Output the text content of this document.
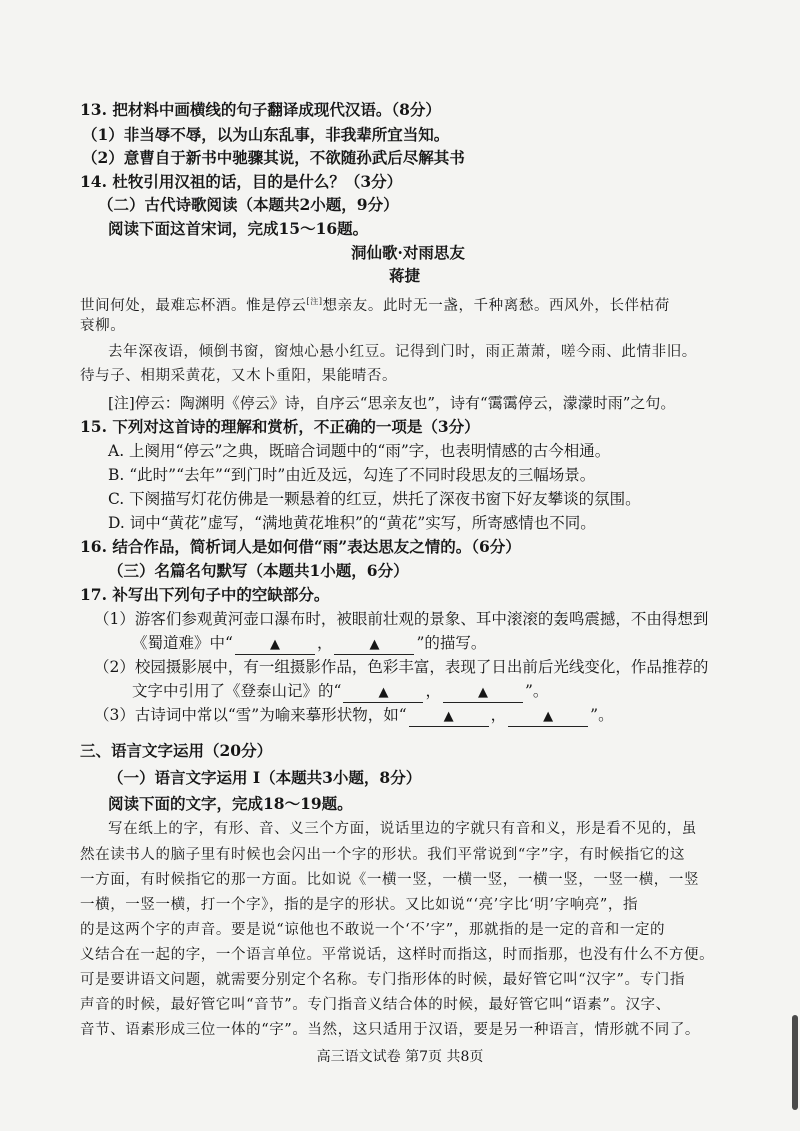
13. 把材料中画横线的句子翻译成现代汉语。（8分）
（1）非当辱不辱，以为山东乱事，非我辈所宜当知。
（2）意曹自于新书中驰骤其说，不欲随孙武后尽解其书
14. 杜牧引用汉祖的话，目的是什么？（3分）
（二）古代诗歌阅读（本题共2小题，9分）
阅读下面这首宋词，完成15～16题。
洞仙歌·对雨思友
蒋捷
世间何处，最难忘杯酒。惟是停云[注]想亲友。此时无一盏，千种离愁。西风外，长伴枯荷
衰柳。
去年深夜语，倾倒书窗，窗烛心悬小红豆。记得到门时，雨正萧萧，嗟今雨、此情非旧。
待与子、相期采黄花，又木卜重阳，果能晴否。
[注]停云：陶渊明《停云》诗，自序云“思亲友也”，诗有“霭霭停云，濛濛时雨”之句。
15. 下列对这首诗的理解和赏析，不正确的一项是（3分）
A. 上阕用“停云”之典，既暗合词题中的“雨”字，也表明情感的古今相通。
B. “此时”“去年”“到门时”由近及远，勾连了不同时段思友的三幅场景。
C. 下阕描写灯花仿佛是一颗悬着的红豆，烘托了深夜书窗下好友攀谈的氛围。
D. 词中“黄花”虚写，“满地黄花堆积”的“黄花”实写，所寄感情也不同。
16. 结合作品，简析词人是如何借“雨”表达思友之情的。（6分）
（三）名篇名句默写（本题共1小题，6分）
17. 补写出下列句子中的空缺部分。
（1）游客们参观黄河壶口瀑布时，被眼前壮观的景象、耳中滚滚的轰鸣震撼，不由得想到
《蜀道难》中“	▲ ，	▲ ”的描写。
（2）校园摄影展中，有一组摄影作品，色彩丰富，表现了日出前后光线变化，作品推荐的
文字中引用了《登泰山记》的“	▲ ，	▲ ”。
（3）古诗词中常以“雪”为喻来摹形状物，如“	▲ ，	▲ ”。
三、语言文字运用（20分）
（一）语言文字运用 I（本题共3小题，8分）
阅读下面的文字，完成18～19题。
写在纸上的字，有形、音、义三个方面，说话里边的字就只有音和义，形是看不见的，虽
然在读书人的脑子里有时候也会闪出一个字的形状。我们平常说到“字”字，有时候指它的这
一方面，有时候指它的那一方面。比如说《一横一竖，一横一竖，一横一竖，一竖一横，一竖
一横，一竖一横，打一个字》，指的是字的形状。又比如说“‘亮’字比‘明’字响亮”，指
的是这两个字的声音。要是说“谅他也不敢说一个‘不’字”，那就指的是一定的音和一定的
义结合在一起的字，一个语言单位。平常说话，这样时而指这，时而指那，也没有什么不方便。
可是要讲语文问题，就需要分别定个名称。专门指形体的时候，最好管它叫“汉字”。专门指
声音的时候，最好管它叫“音节”。专门指音义结合体的时候，最好管它叫“语素”。汉字、
音节、语素形成三位一体的“字”。当然，这只适用于汉语，要是另一种语言，情形就不同了。
高三语文试卷 第7页 共8页
